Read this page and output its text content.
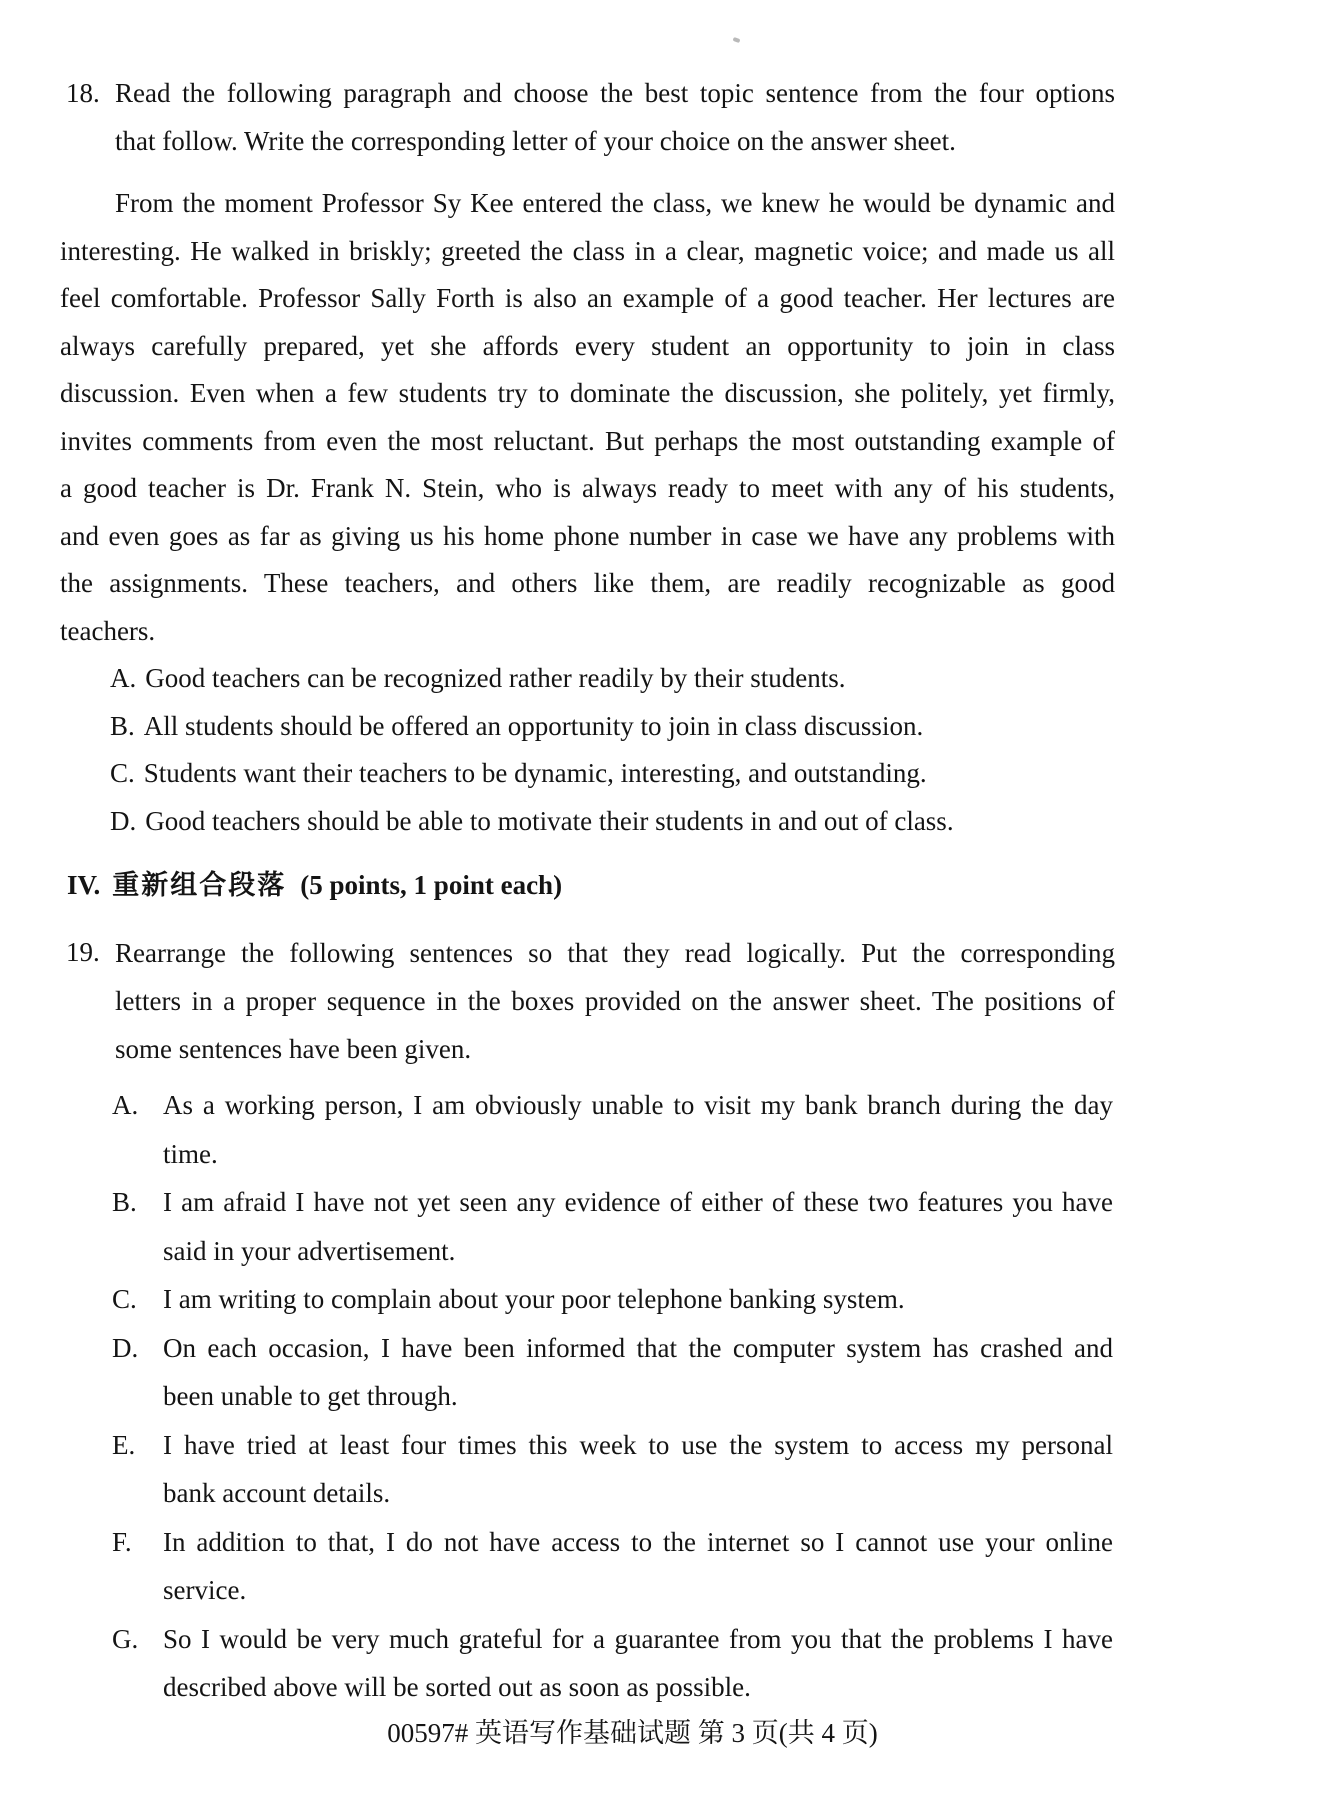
18. Read the following paragraph and choose the best topic sentence from the four options
that follow. Write the corresponding letter of your choice on the answer sheet.
From the moment Professor Sy Kee entered the class, we knew he would be dynamic and
interesting. He walked in briskly; greeted the class in a clear, magnetic voice; and made us all
feel comfortable. Professor Sally Forth is also an example of a good teacher. Her lectures are
always carefully prepared, yet she affords every student an opportunity to join in class
discussion. Even when a few students try to dominate the discussion, she politely, yet firmly,
invites comments from even the most reluctant. But perhaps the most outstanding example of
a good teacher is Dr. Frank N. Stein, who is always ready to meet with any of his students,
and even goes as far as giving us his home phone number in case we have any problems with
the assignments. These teachers, and others like them, are readily recognizable as good
teachers.
A. Good teachers can be recognized rather readily by their students.
B. All students should be offered an opportunity to join in class discussion.
C. Students want their teachers to be dynamic, interesting, and outstanding.
D. Good teachers should be able to motivate their students in and out of class.
IV. 重新组合段落 (5 points, 1 point each)
19. Rearrange the following sentences so that they read logically. Put the corresponding
letters in a proper sequence in the boxes provided on the answer sheet. The positions of
some sentences have been given.
A. As a working person, I am obviously unable to visit my bank branch during the day
time.
B. I am afraid I have not yet seen any evidence of either of these two features you have
said in your advertisement.
C. I am writing to complain about your poor telephone banking system.
D. On each occasion, I have been informed that the computer system has crashed and
been unable to get through.
E.	I have tried at least four times this week to use the system to access my personal
bank account details.
F.	In addition to that, I do not have access to the internet so I cannot use your online
service.
G. So I would be very much grateful for a guarantee from you that the problems I have
described above will be sorted out as soon as possible.
00597# 英语写作基础试题 第 3 页(共 4 页)
